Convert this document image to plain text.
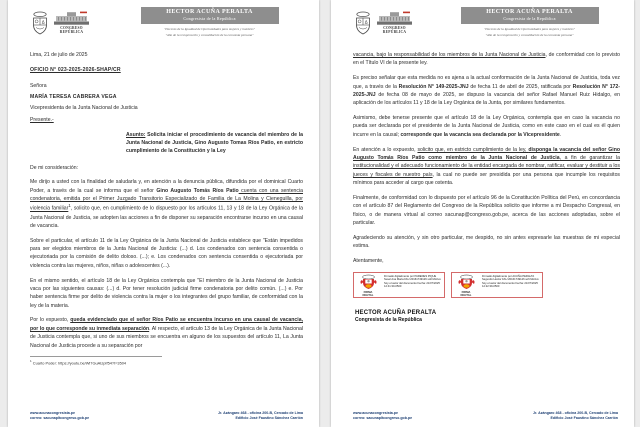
CONGRESO
REPÚBLICA
HECTOR ACUÑA PERALTA
Congresista de la República
"Decenio de la Igualdad de Oportunidades para mujeres y hombres"
"Año de la recuperación y consolidación de la economía peruana"

Lima, 21 de julio de 2025

OFICIO N° 023-2025-2026-SHAP/CR

Señora

MARÍA TERESA CABRERA VEGA

Vicepresidenta de la Junta Nacional de Justicia

Presente.-

Asunto: Solicita iniciar el procedimiento de vacancia del miembro de la Junta Nacional de Justicia, Gino Augusto Tomas Ríos Patio, en estricto cumplimiento de la Constitución y la Ley

De mi consideración:

Me dirijo a usted con la finalidad de saludarla y, en atención a la denuncia pública, difundida por el dominical Cuarto Poder, a través de la cual se informa que el señor Gino Augusto Tomás Ríos Patio cuenta con una sentencia condenatoria, emitida por el Primer Juzgado Transitorio Especializado de Familia de La Molina y Cieneguilla, por violencia familiar$^1$, solicito que, en cumplimiento de lo dispuesto por los artículos 11, 13 y 18 de la Ley Orgánica de la Junta Nacional de Justicia, se adopten las acciones a fin de disponer su separación encontrarse incurso en una causal de vacancia.

Sobre el particular, el artículo 11 de la Ley Orgánica de la Junta Nacional de Justicia establece que "Están impedidos para ser elegidos miembros de la Junta Nacional de Justicia: (...) d. Los condenados con sentencia consentida o ejecutoriada por la comisión de delito doloso. (...); e. Los condenados con sentencia consentida o ejecutoriada por violencia contra las mujeres, niños, niñas o adolescentes (...).

En el mismo sentido, el artículo 18 de la Ley Orgánica contempla que "El miembro de la Junta Nacional de Justicia vaca por las siguientes causas: (...) d. Por tener resolución judicial firme condenatoria por delito común. (...) e. Por haber sentencia firme por delito de violencia contra la mujer o los integrantes del grupo familiar, de conformidad con la ley de la materia.

Por lo expuesto, queda evidenciado que el señor Ríos Patio se encuentra incurso en una causal de vacancia, por lo que corresponde su inmediata separación. Al respecto, el artículo 13 de la Ley Orgánica de la Junta Nacional de Justicia contempla que, si uno de sus miembros se encuentra en alguno de los supuestos del artículo 11, La Junta Nacional de Justicia procede a su separación por

$^1$ Cuarto Poder: https://youtu.be/Wl7GuAIzpIf54?t=3504
www.acunacongresista.pe
correo: sacunapltcongreso.gob.pe
Jr. Azángaro 468 - oficina 200-B, Cercado de Lima
Edificio José Faustino Sánchez Carrión
CONGRESO
REPÚBLICA
HECTOR ACUÑA PERALTA
Congresista de la República
"Decenio de la Igualdad de Oportunidades para mujeres y hombres"
"Año de la recuperación y consolidación de la economía peruana"

vacancia, bajo la responsabilidad de los miembros de la Junta Nacional de Justicia, de conformidad con lo previsto en el Título VI de la presente ley.

Es preciso señalar que esta medida no es ajena a la actual conformación de la Junta Nacional de Justicia, toda vez que, a través de la Resolución N° 149-2025-JNJ de fecha 11 de abril de 2025, ratificada por Resolución N° 172-2025-JNJ de fecha 08 de mayo de 2025, se dispuso la vacancia del señor Rafael Manuel Ruiz Hidalgo, en aplicación de los artículos 11 y 18 de la Ley Orgánica de la Junta, por similares fundamentos.

Asimismo, debe tenerse presente que el artículo 18 de la Ley Orgánica, contempla que en caso la vacancia no pueda ser declarada por el presidente de la Junta Nacional de Justicia, como en este caso en el cual es él quien incurre en la causal; corresponde que la vacancia sea declarada por la Vicepresidente.

En atención a lo expuesto, solicito que, en estricto cumplimiento de la ley, disponga la vacancia del señor Gino Augusto Tomás Ríos Patio como miembro de la Junta Nacional de Justicia, a fin de garantizar la institucionalidad y el adecuado funcionamiento de la entidad encargada de nombrar, ratificar, evaluar y destituir a los jueces y fiscales de nuestro país, la cual no puede ser presidida por una persona que incumple los requisitos mínimos para acceder al cargo que ostenta.

Finalmente, de conformidad con lo dispuesto por el artículo 96 de la Constitución Política del Perú, en concordancia con el artículo 87 del Reglamento del Congreso de la República solicito que informe a mi Despacho Congresal, en físico, o de manera virtual al correo sacunap@congreso.gob.pe, acerca de las acciones adoptadas, sobre el particular.

Agradeciendo su atención, y sin otro particular, me despido, no sin antes expresarle las muestras de mi especial estima.

Atentamente,

FIRMA
DIGITAL
Firmado digitalmente por PAREDES PIQUE Susel Ana Maria FAU 20161749126 soft Motivo: Soy el autor del documento Fecha: 21/07/2025 12:41:30-0500
FIRMA
DIGITAL
Firmado digitalmente por ACUÑA PERALTA Segundo Hector FAU 20161749126 soft Motivo: Soy el autor del documento Fecha: 21/07/2025 12:22:39-0500
HECTOR ACUÑA PERALTA
Congresista de la República
www.acunacongresista.pe
correo: sacunapltcongreso.gob.pe
Jr. Azángaro 468 - oficina 200-B, Cercado de Lima
Edificio José Faustino Sánchez Carrión
